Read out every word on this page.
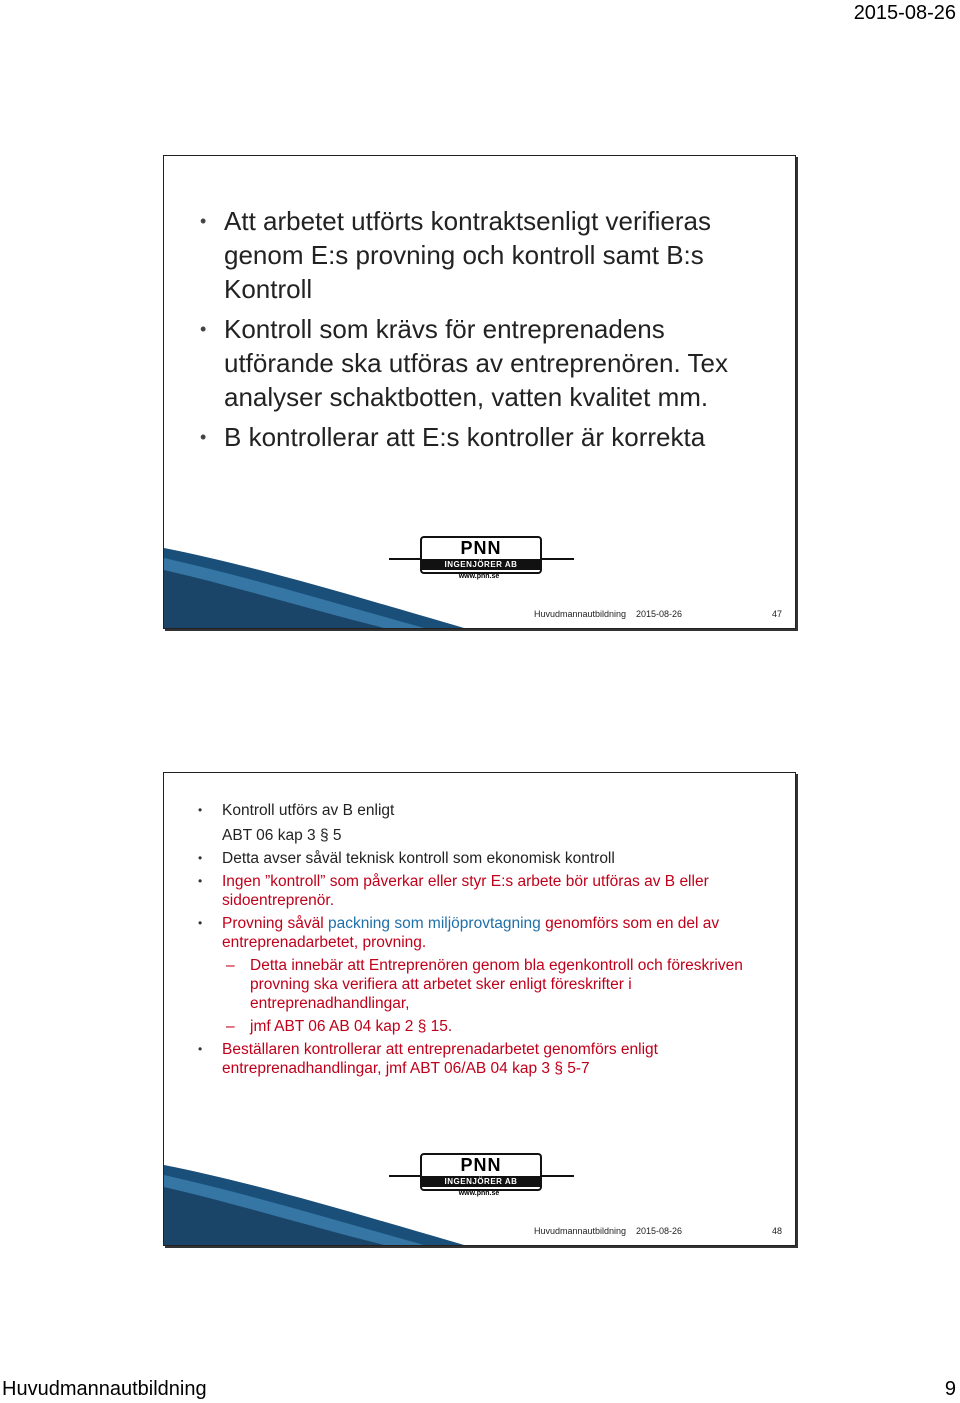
2015-08-26
• Att arbetet utförts kontraktsenligt verifieras genom E:s provning och kontroll samt B:s Kontroll
• Kontroll som krävs för entreprenadens utförande ska utföras av entreprenören. Tex analyser schaktbotten, vatten kvalitet mm.
• B kontrollerar att E:s kontroller är korrekta
PNN
INGENJÖRER AB
www.pnn.se
Huvudmannautbildning 2015-08-26	47
• Kontroll utförs av B enligt
ABT 06 kap 3 § 5
• Detta avser såväl teknisk kontroll som ekonomisk kontroll
• Ingen ”kontroll” som påverkar eller styr E:s arbete bör utföras av B eller sidoentreprenör.
• Provning såväl packning som miljöprovtagning genomförs som en del av entreprenadarbetet, provning.
– Detta innebär att Entreprenören genom bla egenkontroll och föreskriven provning ska verifiera att arbetet sker enligt föreskrifter i entreprenadhandlingar,
– jmf ABT 06 AB 04 kap 2 § 15.
• Beställaren kontrollerar att entreprenadarbetet genomförs enligt entreprenadhandlingar, jmf ABT 06/AB 04 kap 3 § 5-7
PNN
INGENJÖRER AB
www.pnn.se
Huvudmannautbildning 2015-08-26	48
Huvudmannautbildning	9
